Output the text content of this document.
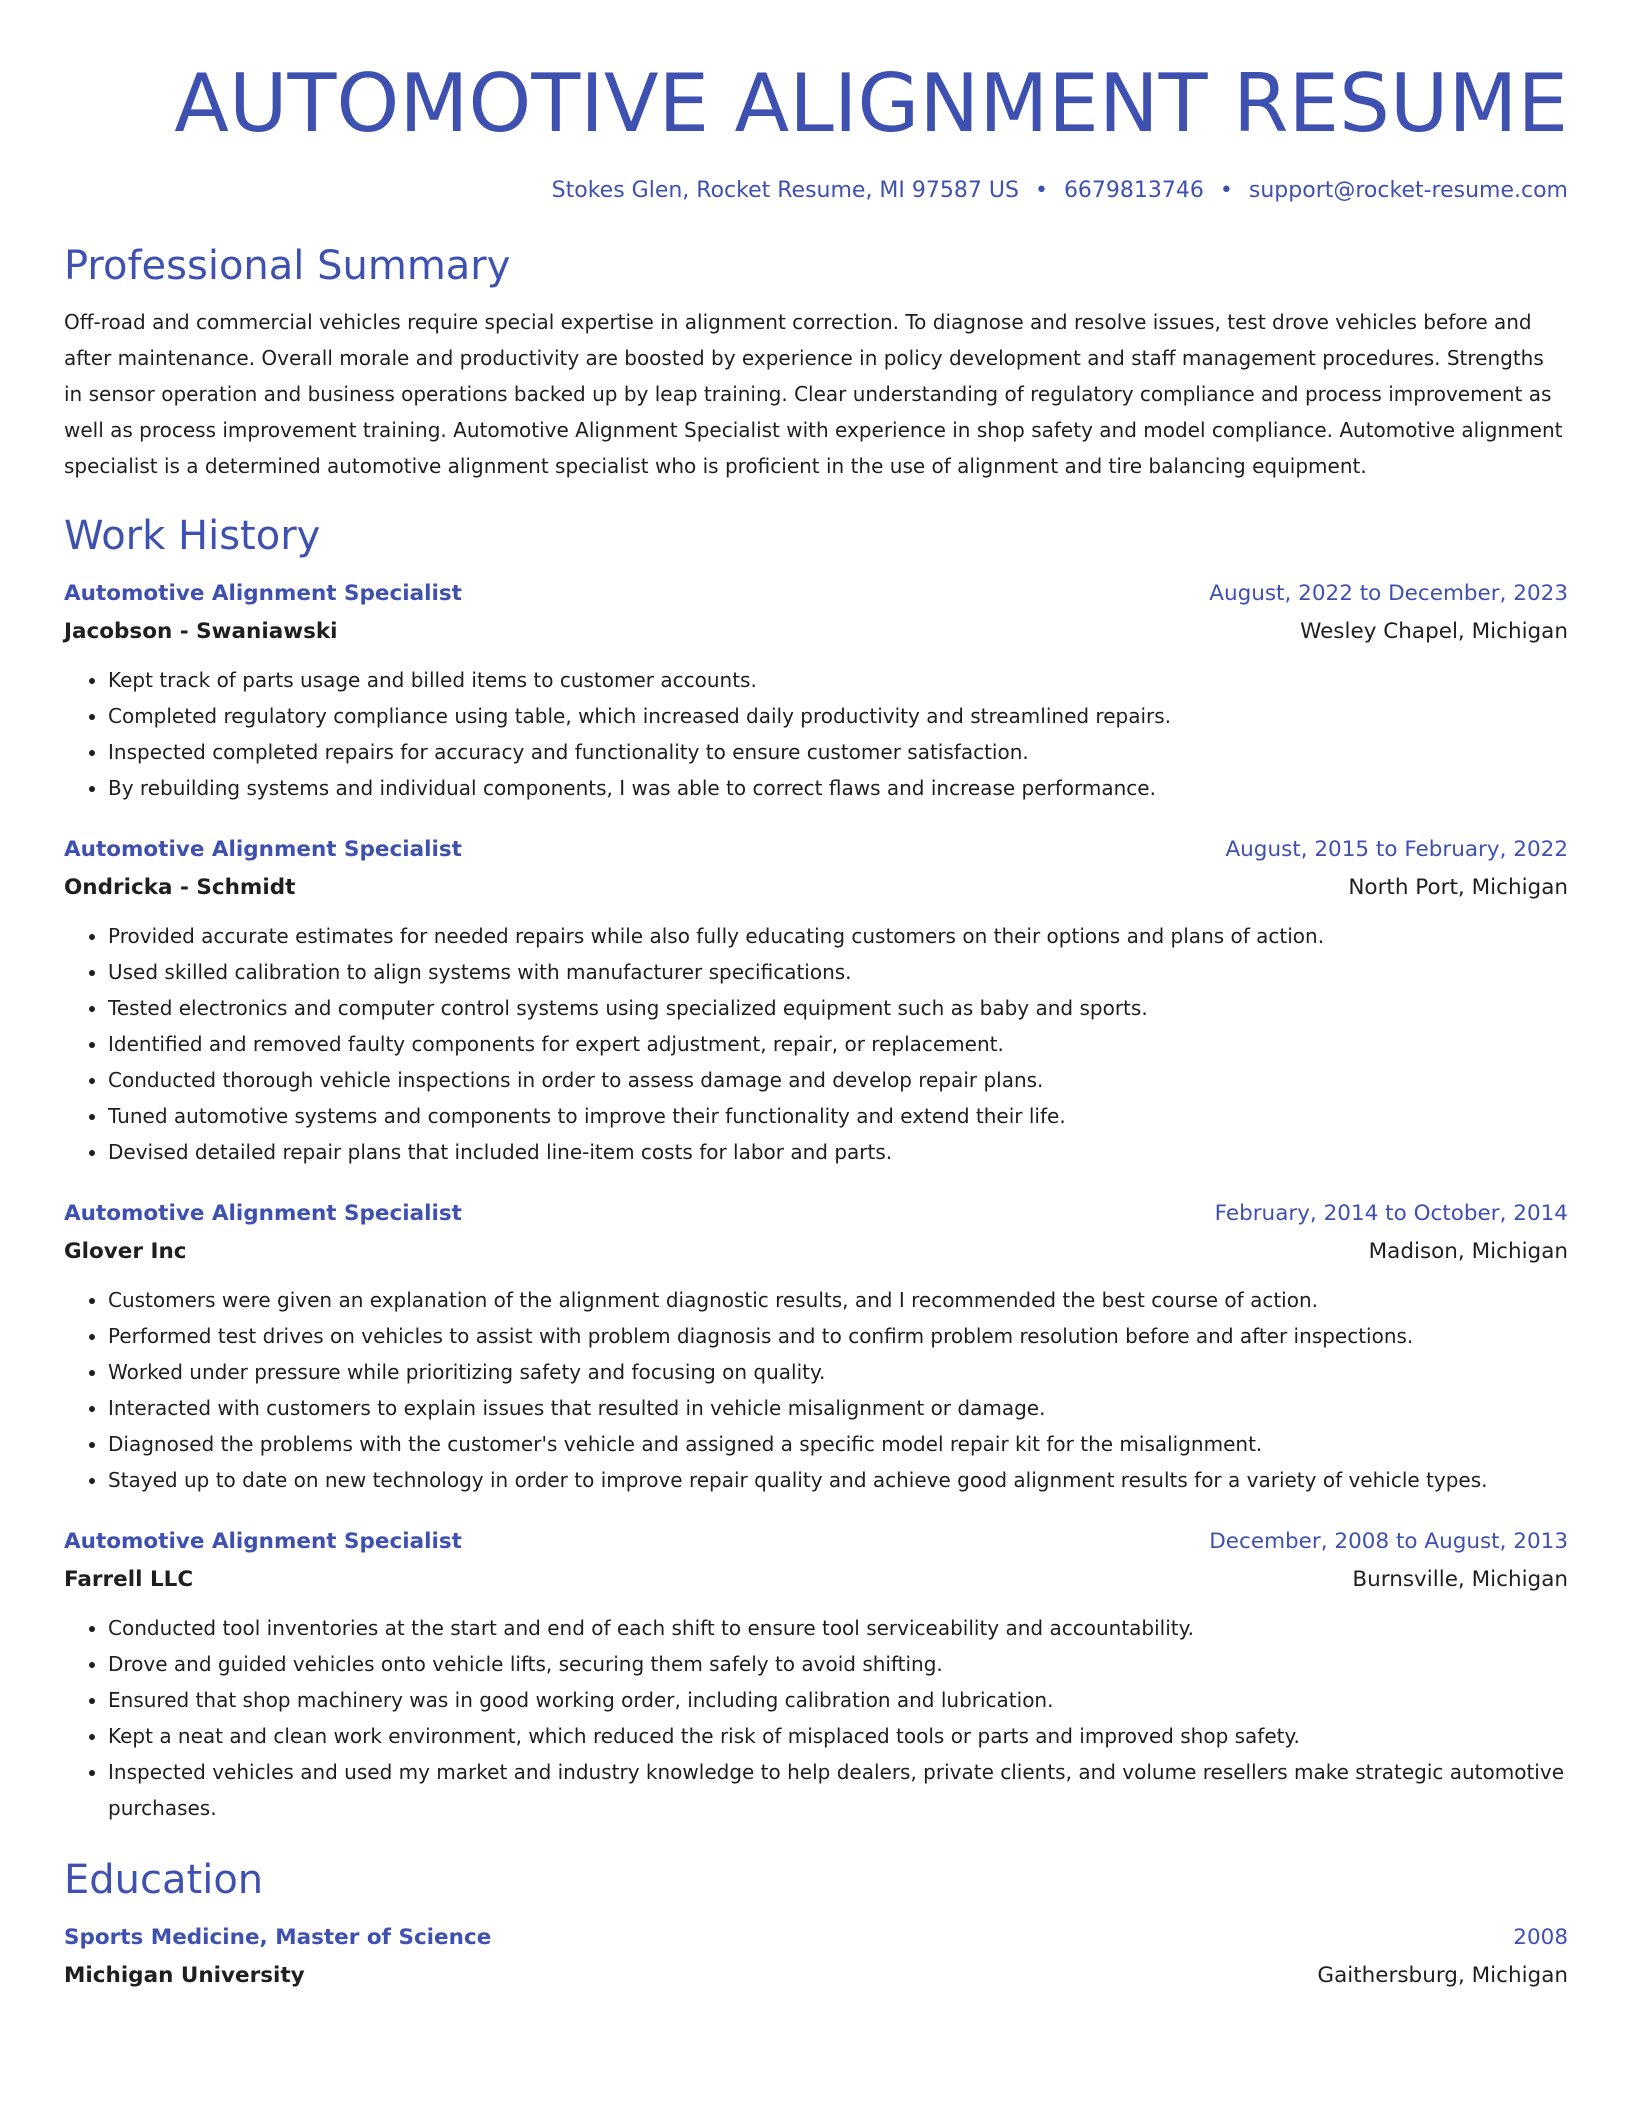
AUTOMOTIVE ALIGNMENT RESUME
Stokes Glen, Rocket Resume, MI 97587 US • 6679813746 • support@rocket-resume.com
Professional Summary
Off-road and commercial vehicles require special expertise in alignment correction. To diagnose and resolve issues, test drove vehicles before and after maintenance. Overall morale and productivity are boosted by experience in policy development and staff management procedures. Strengths in sensor operation and business operations backed up by leap training. Clear understanding of regulatory compliance and process improvement as well as process improvement training. Automotive Alignment Specialist with experience in shop safety and model compliance. Automotive alignment specialist is a determined automotive alignment specialist who is proficient in the use of alignment and tire balancing equipment.
Work History
Automotive Alignment Specialist	August, 2022 to December, 2023
Jacobson - Swaniawski	Wesley Chapel, Michigan
• Kept track of parts usage and billed items to customer accounts.
• Completed regulatory compliance using table, which increased daily productivity and streamlined repairs.
• Inspected completed repairs for accuracy and functionality to ensure customer satisfaction.
• By rebuilding systems and individual components, I was able to correct flaws and increase performance.
Automotive Alignment Specialist	August, 2015 to February, 2022
Ondricka - Schmidt	North Port, Michigan
• Provided accurate estimates for needed repairs while also fully educating customers on their options and plans of action.
• Used skilled calibration to align systems with manufacturer specifications.
• Tested electronics and computer control systems using specialized equipment such as baby and sports.
• Identified and removed faulty components for expert adjustment, repair, or replacement.
• Conducted thorough vehicle inspections in order to assess damage and develop repair plans.
• Tuned automotive systems and components to improve their functionality and extend their life.
• Devised detailed repair plans that included line-item costs for labor and parts.
Automotive Alignment Specialist	February, 2014 to October, 2014
Glover Inc	Madison, Michigan
• Customers were given an explanation of the alignment diagnostic results, and I recommended the best course of action.
• Performed test drives on vehicles to assist with problem diagnosis and to confirm problem resolution before and after inspections.
• Worked under pressure while prioritizing safety and focusing on quality.
• Interacted with customers to explain issues that resulted in vehicle misalignment or damage.
• Diagnosed the problems with the customer's vehicle and assigned a specific model repair kit for the misalignment.
• Stayed up to date on new technology in order to improve repair quality and achieve good alignment results for a variety of vehicle types.
Automotive Alignment Specialist	December, 2008 to August, 2013
Farrell LLC	Burnsville, Michigan
• Conducted tool inventories at the start and end of each shift to ensure tool serviceability and accountability.
• Drove and guided vehicles onto vehicle lifts, securing them safely to avoid shifting.
• Ensured that shop machinery was in good working order, including calibration and lubrication.
• Kept a neat and clean work environment, which reduced the risk of misplaced tools or parts and improved shop safety.
• Inspected vehicles and used my market and industry knowledge to help dealers, private clients, and volume resellers make strategic automotive purchases.
Education
Sports Medicine, Master of Science	2008
Michigan University	Gaithersburg, Michigan
